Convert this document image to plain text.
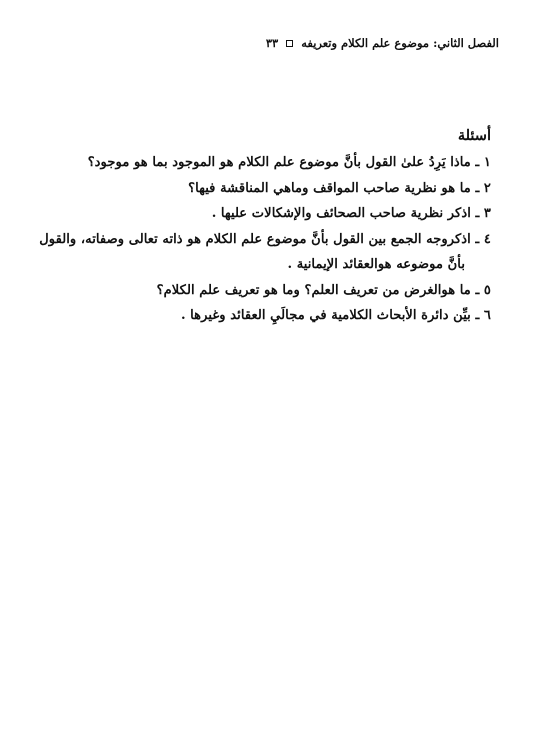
الفصل الثاني: موضوع علم الكلام وتعريفه
٣٣
أسئلة
١ ـ ماذا يَرِدُ علىٰ القول بأنَّ موضوع علم الكلام هو الموجود بما هو موجود؟
٢ ـ ما هو نظرية صاحب المواقف وماهي المناقشة فيها؟
٣ ـ اذكر نظرية صاحب الصحائف والإشكالات عليها .
٤ ـ اذكروجه الجمع بين القول بأنَّ موضوع علم الكلام هو ذاته تعالى وصفاته، والقول
بأنَّ موضوعه هوالعقائد الإيمانية .
٥ ـ ما هوالغرض من تعريف العلم؟ وما هو تعريف علم الكلام؟
٦ ـ بيِّن دائرة الأبحاث الكلامية في مجالَيِ العقائد وغيرها .
